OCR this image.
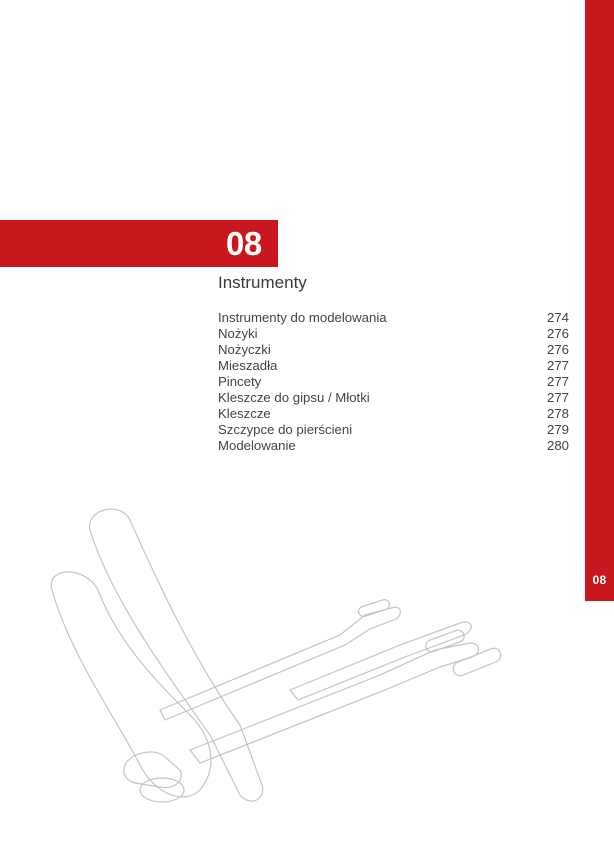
08
08
Instrumenty
Instrumenty do modelowania	274
Nożyki	276
Nożyczki	276
Mieszadła	277
Pincety	277
Kleszcze do gipsu / Młotki	277
Kleszcze	278
Szczypce do pierścieni	279
Modelowanie	280
